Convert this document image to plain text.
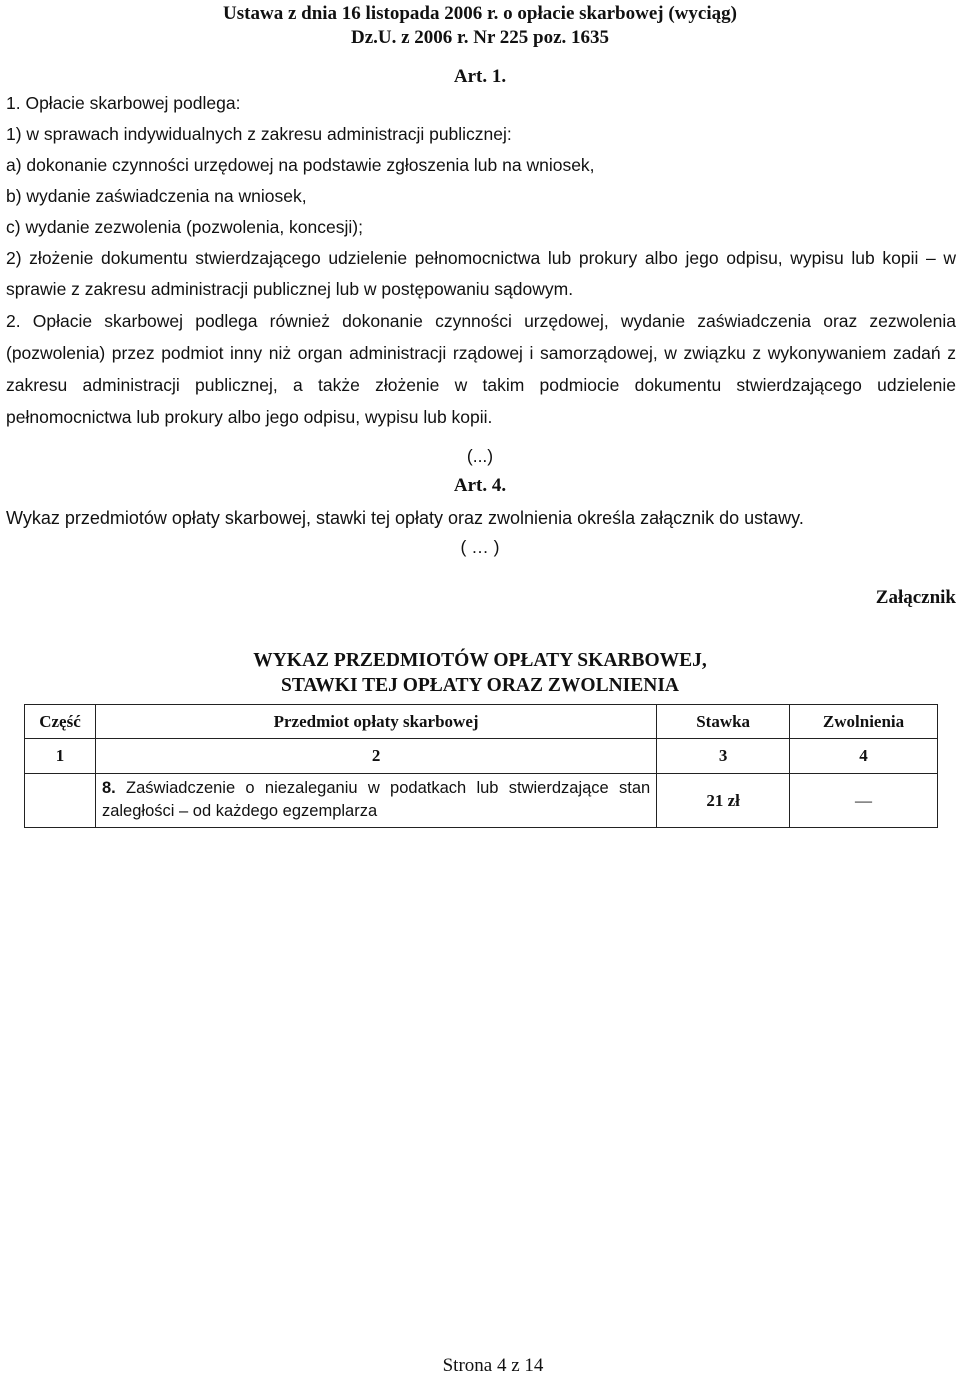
Ustawa z dnia 16 listopada 2006 r. o opłacie skarbowej (wyciąg)
Dz.U. z 2006 r. Nr 225 poz. 1635
Art. 1.

1. Opłacie skarbowej podlega:

1) w sprawach indywidualnych z zakresu administracji publicznej:

a) dokonanie czynności urzędowej na podstawie zgłoszenia lub na wniosek,

b) wydanie zaświadczenia na wniosek,

c) wydanie zezwolenia (pozwolenia, koncesji);

2) złożenie dokumentu stwierdzającego udzielenie pełnomocnictwa lub prokury albo jego odpisu, wypisu lub kopii – w sprawie z zakresu administracji publicznej lub w postępowaniu sądowym.

2. Opłacie skarbowej podlega również dokonanie czynności urzędowej, wydanie zaświadczenia oraz zezwolenia (pozwolenia) przez podmiot inny niż organ administracji rządowej i samorządowej, w związku z wykonywaniem zadań z zakresu administracji publicznej, a także złożenie w takim podmiocie dokumentu stwierdzającego udzielenie pełnomocnictwa lub prokury albo jego odpisu, wypisu lub kopii.

(...)
Art. 4.
Wykaz przedmiotów opłaty skarbowej, stawki tej opłaty oraz zwolnienia określa załącznik do ustawy.
( … )
Załącznik
WYKAZ PRZEDMIOTÓW OPŁATY SKARBOWEJ,
STAWKI TEJ OPŁATY ORAZ ZWOLNIENIA
Część	Przedmiot opłaty skarbowej	Stawka	Zwolnienia
1	2	3	4
	8. Zaświadczenie o niezaleganiu w podatkach lub stwierdzające stan zaległości – od każdego egzemplarza	21 zł	—
Strona 4 z 14
